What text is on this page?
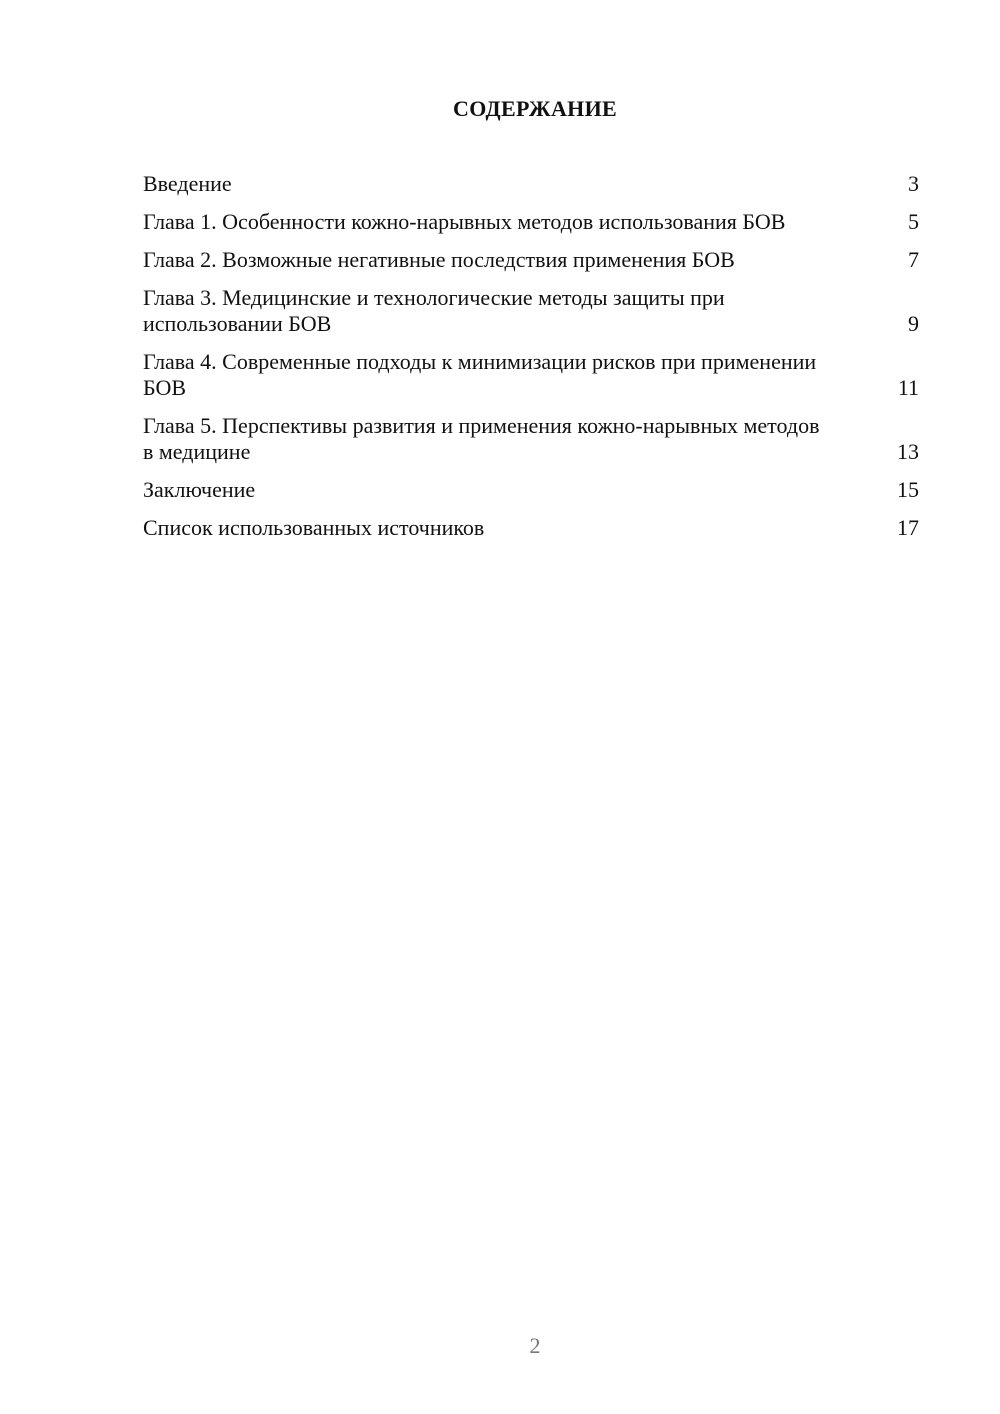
СОДЕРЖАНИЕ
Введение	3
Глава 1. Особенности кожно-нарывных методов использования БОВ	5
Глава 2. Возможные негативные последствия применения БОВ	7
Глава 3. Медицинские и технологические методы защиты при использовании БОВ	9
Глава 4. Современные подходы к минимизации рисков при применении БОВ	11
Глава 5. Перспективы развития и применения кожно-нарывных методов в медицине	13
Заключение	15
Список использованных источников	17
2
